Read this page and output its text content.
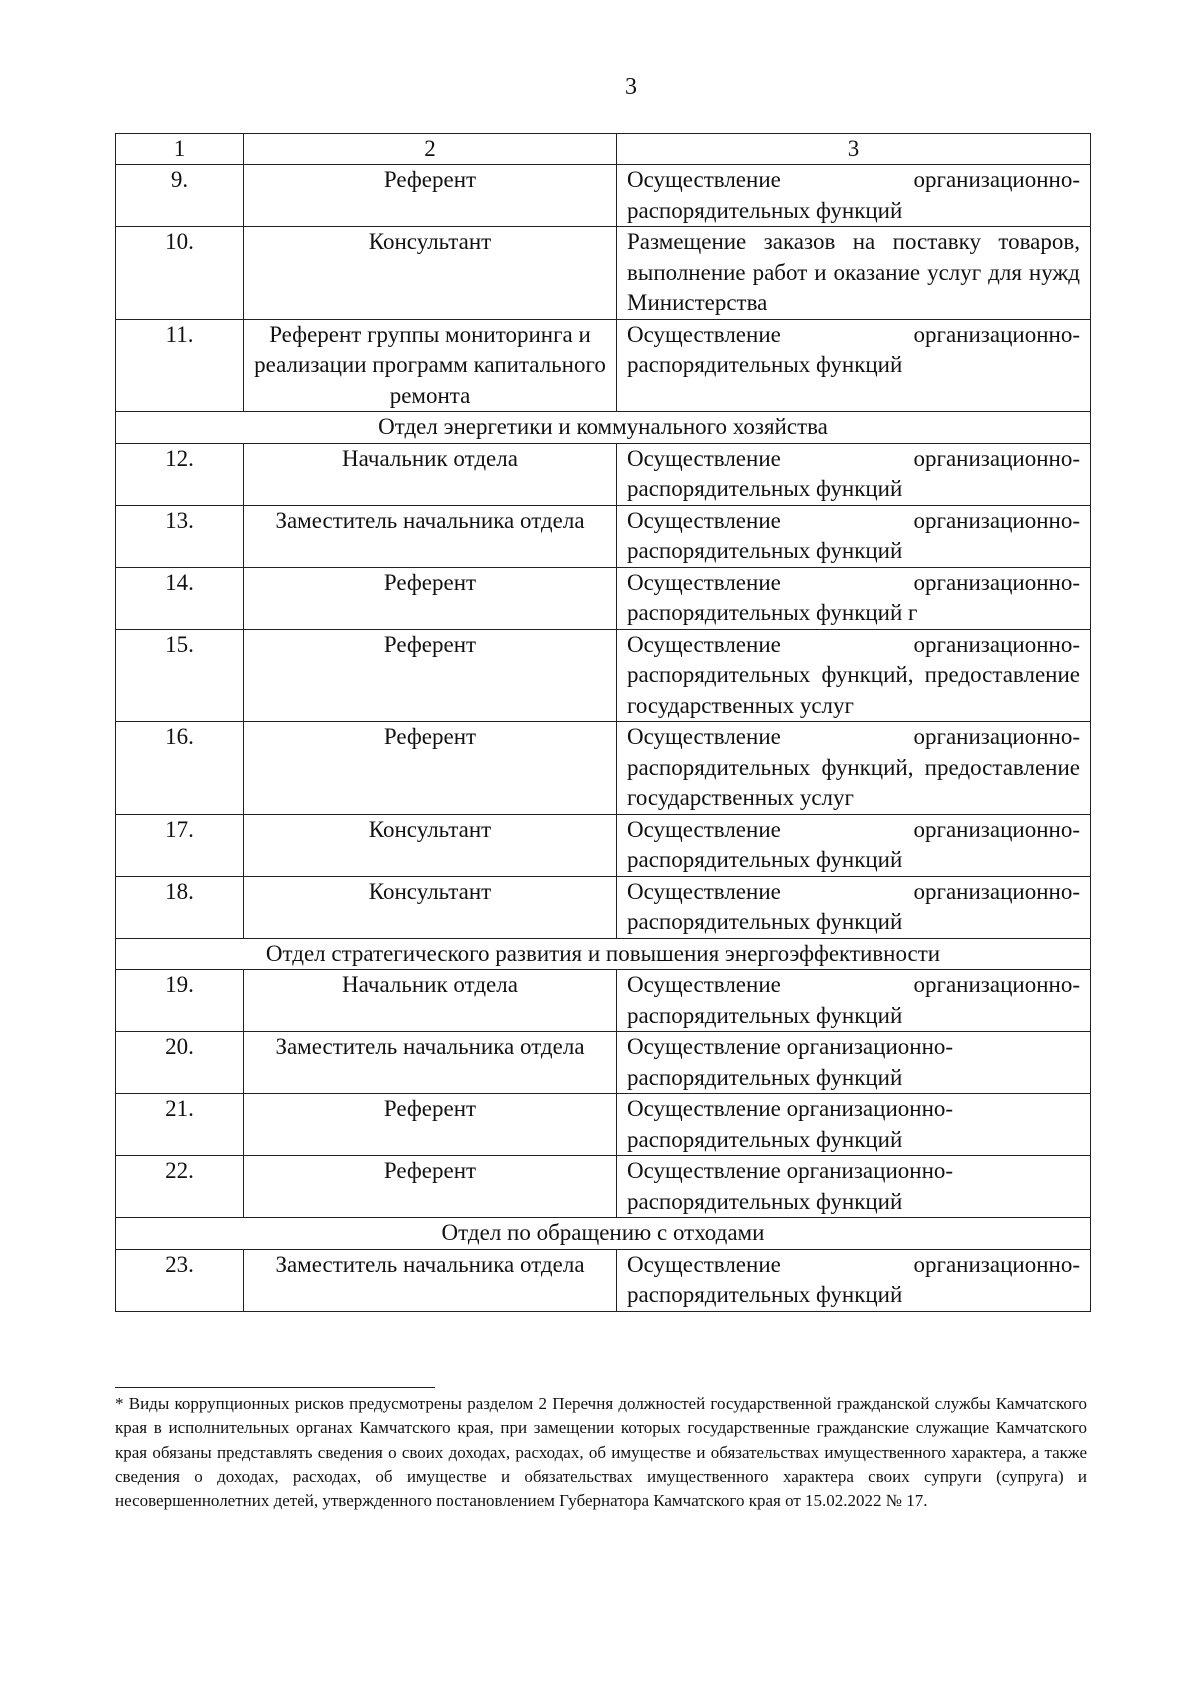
3
1	2	3
9.	Референт	Осуществление организационно-распорядительных функций
10.	Консультант	Размещение заказов на поставку товаров, выполнение работ и оказание услуг для нужд Министерства
11.	Референт группы мониторинга и реализации программ капитального ремонта	Осуществление организационно-распорядительных функций
Отдел энергетики и коммунального хозяйства		
12.	Начальник отдела	Осуществление организационно-распорядительных функций
13.	Заместитель начальника отдела	Осуществление организационно-распорядительных функций
14.	Референт	Осуществление организационно-распорядительных функций г
15.	Референт	Осуществление организационно-распорядительных функций, предоставление государственных услуг
16.	Референт	Осуществление организационно-распорядительных функций, предоставление государственных услуг
17.	Консультант	Осуществление организационно-распорядительных функций
18.	Консультант	Осуществление организационно-распорядительных функций
Отдел стратегического развития и повышения энергоэффективности		
19.	Начальник отдела	Осуществление организационно-распорядительных функций
20.	Заместитель начальника отдела	Осуществление организационно-распорядительных функций
21.	Референт	Осуществление организационно-распорядительных функций
22.	Референт	Осуществление организационно-распорядительных функций
Отдел по обращению с отходами		
23.	Заместитель начальника отдела	Осуществление организационно-распорядительных функций
* Виды коррупционных рисков предусмотрены разделом 2 Перечня должностей государственной гражданской службы Камчатского края в исполнительных органах Камчатского края, при замещении которых государственные гражданские служащие Камчатского края обязаны представлять сведения о своих доходах, расходах, об имуществе и обязательствах имущественного характера, а также сведения о доходах, расходах, об имуществе и обязательствах имущественного характера своих супруги (супруга) и несовершеннолетних детей, утвержденного постановлением Губернатора Камчатского края от 15.02.2022 № 17.
